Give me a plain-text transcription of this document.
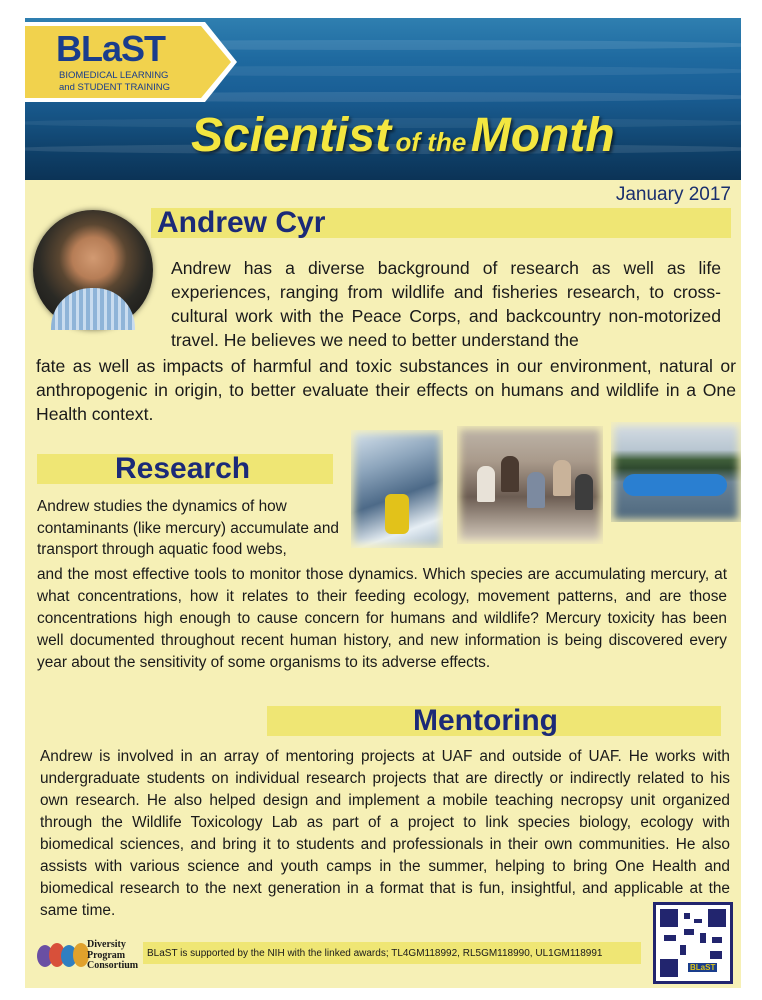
BLaST
BIOMEDICAL LEARNING
and STUDENT TRAINING
Scientist of the Month
January 2017
Andrew Cyr
Andrew has a diverse background of research as well as life experiences, ranging from wildlife and fisheries research, to cross-cultural work with the Peace Corps, and backcountry non-motorized travel. He believes we need to better understand the
fate as well as impacts of harmful and toxic substances in our environment, natural or anthropogenic in origin, to better evaluate their effects on humans and wildlife in a One Health context.
Research
Andrew studies the dynamics of how contaminants (like mercury) accumulate and transport through aquatic food webs,
and the most effective tools to monitor those dynamics. Which species are accumulating mercury, at what concentrations, how it relates to their feeding ecology, movement patterns, and are those concentrations high enough to cause concern for humans and wildlife? Mercury toxicity has been well documented throughout recent human history, and new information is being discovered every year about the sensitivity of some organisms to its adverse effects.
Mentoring
Andrew is involved in an array of mentoring projects at UAF and outside of UAF. He works with undergraduate students on individual research projects that are directly or indirectly related to his own research. He also helped design and implement a mobile teaching necropsy unit organized through the Wildlife Toxicology Lab as part of a project to link species biology, ecology with biomedical sciences, and bring it to students and professionals in their own communities. He also assists with various science and youth camps in the summer, helping to bring One Health and biomedical research to the next generation in a format that is fun, insightful, and applicable at the same time.
Diversity
Program
Consortium
BLaST is supported by the NIH with the linked awards; TL4GM118992, RL5GM118990, UL1GM118991
BLaST
